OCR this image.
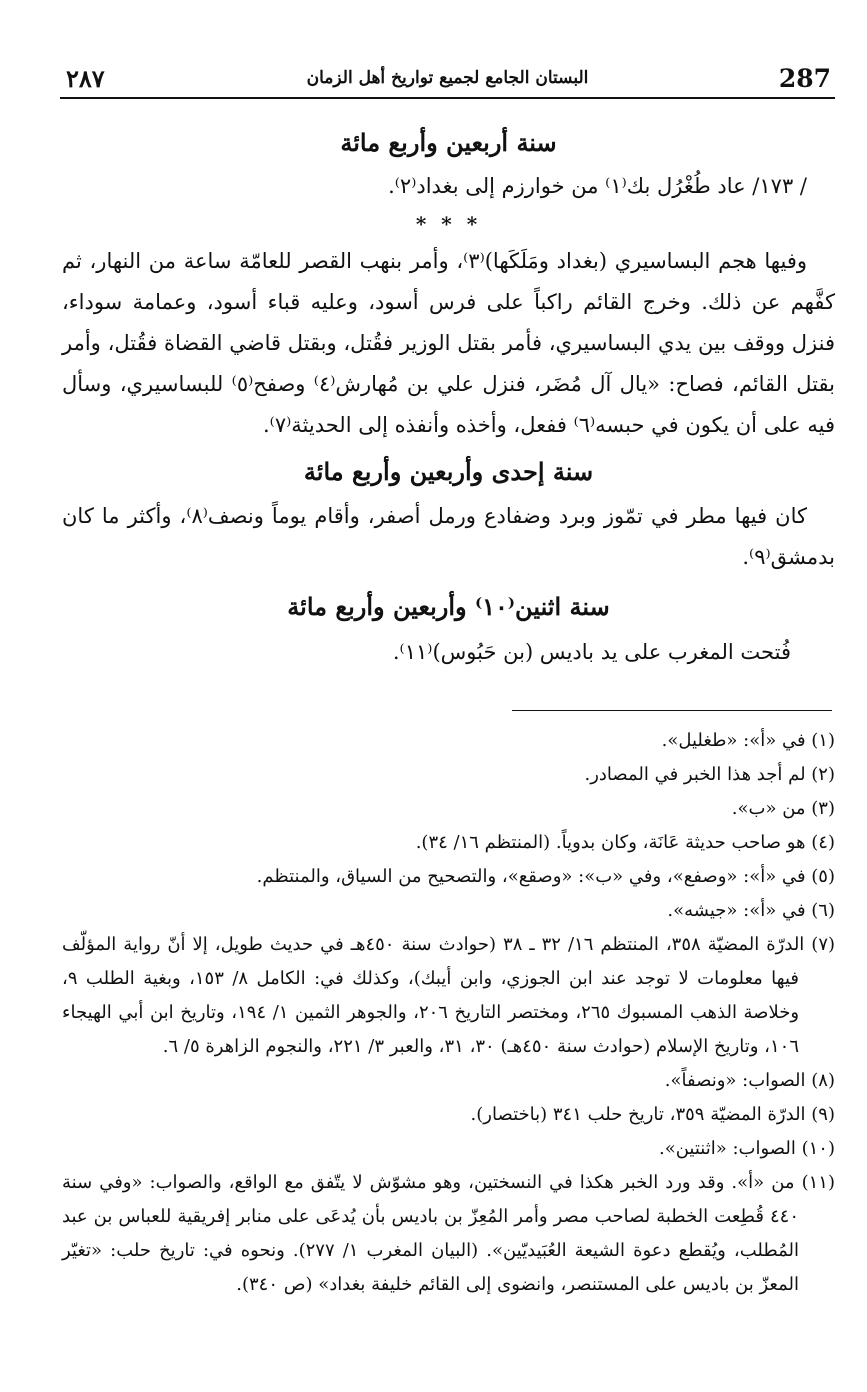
287
البستان الجامع لجميع تواريخ أهل الزمان
٢٨٧

سنة أربعين وأربع مائة

/ ١٧٣/ عاد طُغْرُل بك⁽١⁾ من خوارزم إلى بغداد⁽٢⁾.

* * *

وفيها هجم البساسيري (بغداد ومَلَكَها)⁽٣⁾، وأمر بنهب القصر للعامّة ساعة من النهار، ثم كفَّهم عن ذلك. وخرج القائم راكباً على فرس أسود، وعليه قباء أسود، وعمامة سوداء، فنزل ووقف بين يدي البساسيري، فأمر بقتل الوزير فقُتل، وبقتل قاضي القضاة فقُتل، وأمر بقتل القائم، فصاح: «يال آل مُضَر، فنزل علي بن مُهارش⁽٤⁾ وصفح⁽٥⁾ للبساسيري، وسأل فيه على أن يكون في حبسه⁽٦⁾ ففعل، وأخذه وأنفذه إلى الحديثة⁽٧⁾.

سنة إحدى وأربعين وأربع مائة

كان فيها مطر في تمّوز وبرد وضفادع ورمل أصفر، وأقام يوماً ونصف⁽٨⁾، وأكثر ما كان بدمشق⁽٩⁾.

سنة اثنين⁽١٠⁾ وأربعين وأربع مائة

فُتحت المغرب على يد باديس (بن حَبُوس)⁽١١⁾.

(١) في «أ»: «طغليل».

(٢) لم أجد هذا الخبر في المصادر.

(٣) من «ب».

(٤) هو صاحب حديثة عَانَة، وكان بدوياً. (المنتظم ١٦/ ٣٤).

(٥) في «أ»: «وصفع»، وفي «ب»: «وصقع»، والتصحيح من السياق، والمنتظم.

(٦) في «أ»: «جيشه».

(٧) الدرّة المضيّة ٣٥٨، المنتظم ١٦/ ٣٢ ـ ٣٨ (حوادث سنة ٤٥٠هـ في حديث طويل، إلا أنّ رواية المؤلّف فيها معلومات لا توجد عند ابن الجوزي، وابن أيبك)، وكذلك في: الكامل ٨/ ١٥٣، وبغية الطلب ٩، وخلاصة الذهب المسبوك ٢٦٥، ومختصر التاريخ ٢٠٦، والجوهر الثمين ١/ ١٩٤، وتاريخ ابن أبي الهيجاء ١٠٦، وتاريخ الإسلام (حوادث سنة ٤٥٠هـ) ٣٠، ٣١، والعبر ٣/ ٢٢١، والنجوم الزاهرة ٥/ ٦.

(٨) الصواب: «ونصفاً».

(٩) الدرّة المضيّة ٣٥٩، تاريخ حلب ٣٤١ (باختصار).

(١٠) الصواب: «اثنتين».

(١١) من «أ». وقد ورد الخبر هكذا في النسختين، وهو مشوّش لا يتّفق مع الواقع، والصواب: «وفي سنة ٤٤٠ قُطِعت الخطبة لصاحب مصر وأمر المُعِزّ بن باديس بأن يُدعَى على منابر إفريقية للعباس بن عبد المُطلب، ويُقطع دعوة الشيعة العُبَيديّين». (البيان المغرب ١/ ٢٧٧). ونحوه في: تاريخ حلب: «تغيّر المعزّ بن باديس على المستنصر، وانضوى إلى القائم خليفة بغداد» (ص ٣٤٠).
